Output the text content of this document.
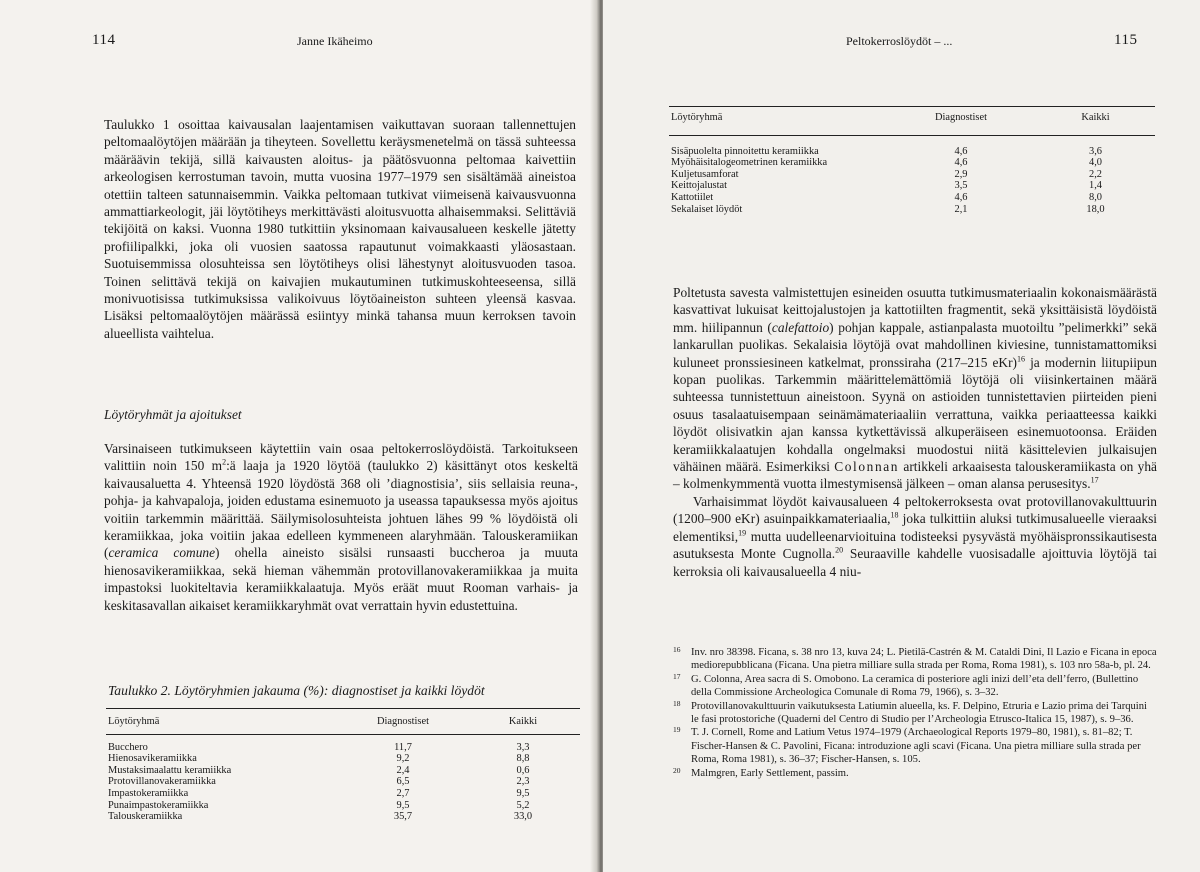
114	Janne Ikäheimo

Taulukko 1 osoittaa kaivausalan laajentamisen vaikuttavan suoraan tallennettujen peltomaalöytöjen määrään ja tiheyteen. Sovellettu keräysmenetelmä on tässä suhteessa määräävin tekijä, sillä kaivausten aloitus- ja päätösvuonna peltomaa kaivettiin arkeologisen kerrostuman tavoin, mutta vuosina 1977–1979 sen sisältämää aineistoa otettiin talteen satunnaisemmin. Vaikka peltomaan tutkivat viimeisenä kaivausvuonna ammattiarkeologit, jäi löytötiheys merkittävästi aloitusvuotta alhaisemmaksi. Selittäviä tekijöitä on kaksi. Vuonna 1980 tutkittiin yksinomaan kaivausalueen keskelle jätetty profiilipalkki, joka oli vuosien saatossa rapautunut voimakkaasti yläosastaan. Suotuisemmissa olosuhteissa sen löytötiheys olisi lähestynyt aloitusvuoden tasoa. Toinen selittävä tekijä on kaivajien mukautuminen tutkimuskohteeseensa, sillä monivuotisissa tutkimuksissa valikoivuus löytöaineiston suhteen yleensä kasvaa. Lisäksi peltomaalöytöjen määrässä esiintyy minkä tahansa muun kerroksen tavoin alueellista vaihtelua.

Löytöryhmät ja ajoitukset

Varsinaiseen tutkimukseen käytettiin vain osaa peltokerroslöydöistä. Tarkoitukseen valittiin noin 150 $m^2:ä$ laaja ja 1920 löytöä (taulukko 2) käsittänyt otos keskeltä kaivausaluetta 4. Yhteensä 1920 löydöstä 368 oli ’diagnostisia’, siis sellaisia reuna-, pohja- ja kahvapaloja, joiden edustama esinemuoto ja useassa tapauksessa myös ajoitus voitiin tarkemmin määrittää. Säilymisolosuhteista johtuen lähes 99 % löydöistä oli keramiikkaa, joka voitiin jakaa edelleen kymmeneen alaryhmään. Talouskeramiikan (ceramica comune) ohella aineisto sisälsi runsaasti buccheroa ja muuta hienosavikeramiikkaa, sekä hieman vähemmän protovillanovakeramiikkaa ja muita impastoksi luokiteltavia keramiikkalaatuja. Myös eräät muut Rooman varhais- ja keskitasavallan aikaiset keramiikkaryhmät ovat verrattain hyvin edustettuina.

Taulukko 2. Löytöryhmien jakauma (%): diagnostiset ja kaikki löydöt
Löytöryhmä	Diagnostiset	Kaikki

Bucchero	11,7	3,3
Hienosavikeramiikka	9,2	8,8
Mustaksimaalattu keramiikka	2,4	0,6
Protovillanovakeramiikka	6,5	2,3
Impastokeramiikka	2,7	9,5
Punaimpastokeramiikka	9,5	5,2
Talouskeramiikka	35,7	33,0
Peltokerroslöydöt – ...	115
Löytöryhmä	Diagnostiset	Kaikki

Sisäpuolelta pinnoitettu keramiikka	4,6	3,6
Myöhäisitalogeometrinen keramiikka	4,6	4,0
Kuljetusamforat	2,9	2,2
Keittojalustat	3,5	1,4
Kattotiilet	4,6	8,0
Sekalaiset löydöt	2,1	18,0

Poltetusta savesta valmistettujen esineiden osuutta tutkimusmateriaalin kokonaismäärästä kasvattivat lukuisat keittojalustojen ja kattotiilten fragmentit, sekä yksittäisistä löydöistä mm. hiilipannun (calefattoio) pohjan kappale, astianpalasta muotoiltu ”pelimerkki” sekä lankarullan puolikas. Sekalaisia löytöjä ovat mahdollinen kiviesine, tunnistamattomiksi kuluneet pronssiesineen katkelmat, pronssiraha (217–215 eKr)$^{16}$ ja modernin liitupiipun kopan puolikas. Tarkemmin määrittelemättömiä löytöjä oli viisinkertainen määrä suhteessa tunnistettuun aineistoon. Syynä on astioiden tunnistettavien piirteiden pieni osuus tasalaatuisempaan seinämämateriaaliin verrattuna, vaikka periaatteessa kaikki löydöt olisivatkin ajan kanssa kytkettävissä alkuperäiseen esinemuotoonsa. Eräiden keramiikkalaatujen kohdalla ongelmaksi muodostui niitä käsittelevien julkaisujen vähäinen määrä. Esimerkiksi Colonnan artikkeli arkaaisesta talouskeramiikasta on yhä – kolmenkymmentä vuotta ilmestymisensä jälkeen – oman alansa perusesitys.$^{17}$

Varhaisimmat löydöt kaivausalueen 4 peltokerroksesta ovat protovillanovakulttuurin (1200–900 eKr) asuinpaikkamateriaalia,$^{18}$ joka tulkittiin aluksi tutkimusalueelle vieraaksi elementiksi,$^{19}$ mutta uudelleenarvioituina todisteeksi pysyvästä myöhäispronssikautisesta asutuksesta Monte Cugnolla.$^{20}$ Seuraaville kahdelle vuosisadalle ajoittuvia löytöjä tai kerroksia oli kaivausalueella 4 niu-

16 Inv. nro 38398. Ficana, s. 38 nro 13, kuva 24; L. Pietilä-Castrén & M. Cataldi Dini, Il Lazio e Ficana in epoca mediorepubblicana (Ficana. Una pietra milliare sulla strada per Roma, Roma 1981), s. 103 nro 58a-b, pl. 24.

17 G. Colonna, Area sacra di S. Omobono. La ceramica di posteriore agli inizi dell’eta dell’ferro, (Bullettino della Commissione Archeologica Comunale di Roma 79, 1966), s. 3–32.

18 Protovillanovakulttuurin vaikutuksesta Latiumin alueella, ks. F. Delpino, Etruria e Lazio prima dei Tarquini le fasi protostoriche (Quaderni del Centro di Studio per l’Archeologia Etrusco-Italica 15, 1987), s. 9–36.

19 T. J. Cornell, Rome and Latium Vetus 1974–1979 (Archaeological Reports 1979–80, 1981), s. 81–82; T. Fischer-Hansen & C. Pavolini, Ficana: introduzione agli scavi (Ficana. Una pietra milliare sulla strada per Roma, Roma 1981), s. 36–37; Fischer-Hansen, s. 105.

20 Malmgren, Early Settlement, passim.
